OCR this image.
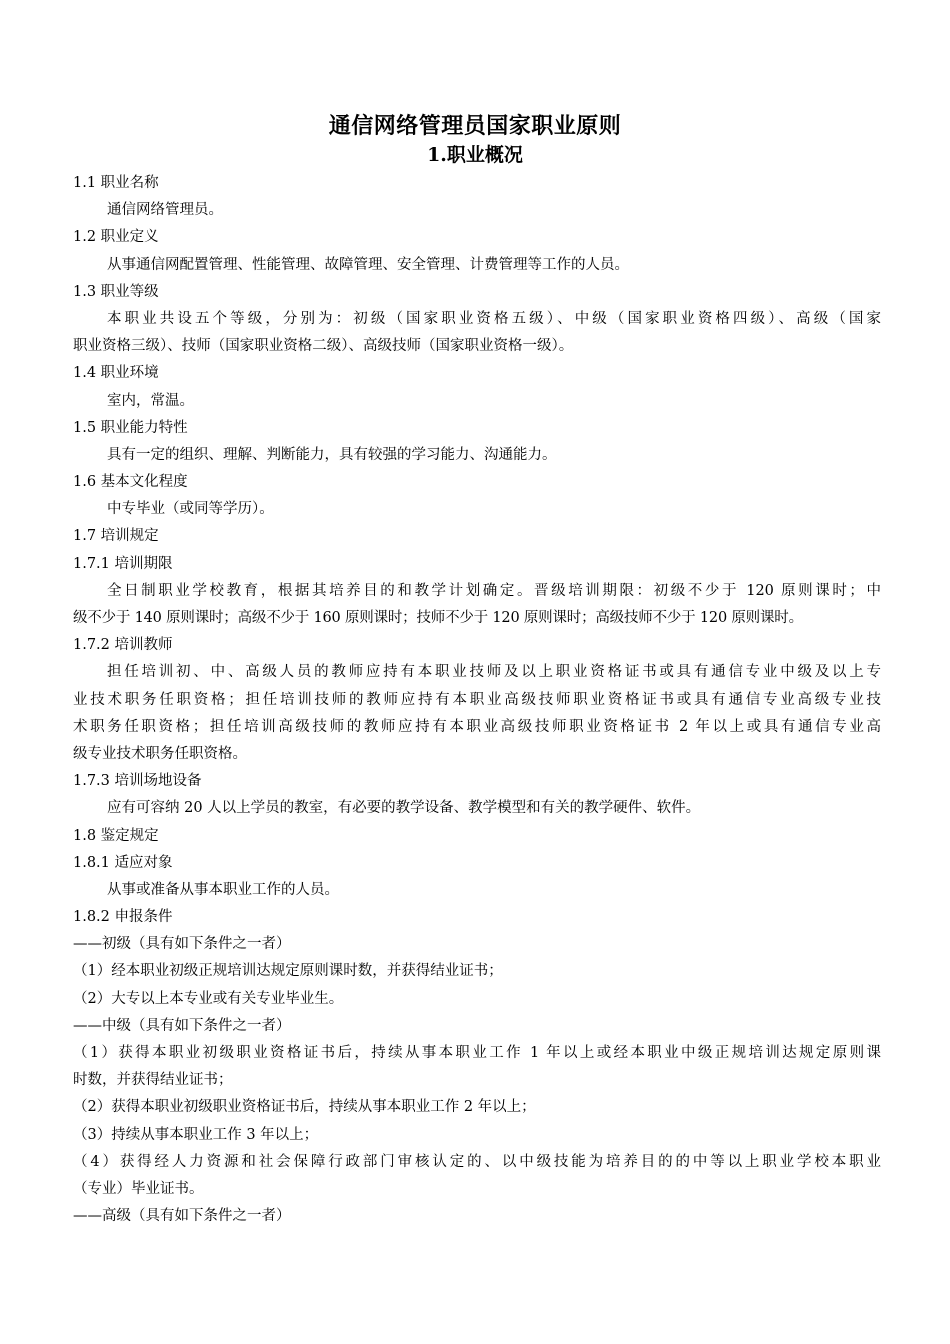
通信网络管理员国家职业原则
1.职业概况
1.1 职业名称
通信网络管理员。
1.2 职业定义
从事通信网配置管理、性能管理、故障管理、安全管理、计费管理等工作的人员。
1.3 职业等级
本职业共设五个等级，分别为：初级（国家职业资格五级）、中级（国家职业资格四级）、高级（国家
职业资格三级）、技师（国家职业资格二级）、高级技师（国家职业资格一级）。
1.4 职业环境
室内，常温。
1.5 职业能力特性
具有一定的组织、理解、判断能力，具有较强的学习能力、沟通能力。
1.6 基本文化程度
中专毕业（或同等学历）。
1.7 培训规定
1.7.1 培训期限
全日制职业学校教育，根据其培养目的和教学计划确定。晋级培训期限：初级不少于 120 原则课时；中
级不少于 140 原则课时；高级不少于 160 原则课时；技师不少于 120 原则课时；高级技师不少于 120 原则课时。
1.7.2 培训教师
担任培训初、中、高级人员的教师应持有本职业技师及以上职业资格证书或具有通信专业中级及以上专
业技术职务任职资格；担任培训技师的教师应持有本职业高级技师职业资格证书或具有通信专业高级专业技
术职务任职资格；担任培训高级技师的教师应持有本职业高级技师职业资格证书 2 年以上或具有通信专业高
级专业技术职务任职资格。
1.7.3 培训场地设备
应有可容纳 20 人以上学员的教室，有必要的教学设备、教学模型和有关的教学硬件、软件。
1.8 鉴定规定
1.8.1 适应对象
从事或准备从事本职业工作的人员。
1.8.2 申报条件
——初级（具有如下条件之一者）
（1）经本职业初级正规培训达规定原则课时数，并获得结业证书；
（2）大专以上本专业或有关专业毕业生。
——中级（具有如下条件之一者）
（1）获得本职业初级职业资格证书后，持续从事本职业工作 1 年以上或经本职业中级正规培训达规定原则课
时数，并获得结业证书；
（2）获得本职业初级职业资格证书后，持续从事本职业工作 2 年以上；
（3）持续从事本职业工作 3 年以上；
（4）获得经人力资源和社会保障行政部门审核认定的、以中级技能为培养目的的中等以上职业学校本职业
（专业）毕业证书。
——高级（具有如下条件之一者）
